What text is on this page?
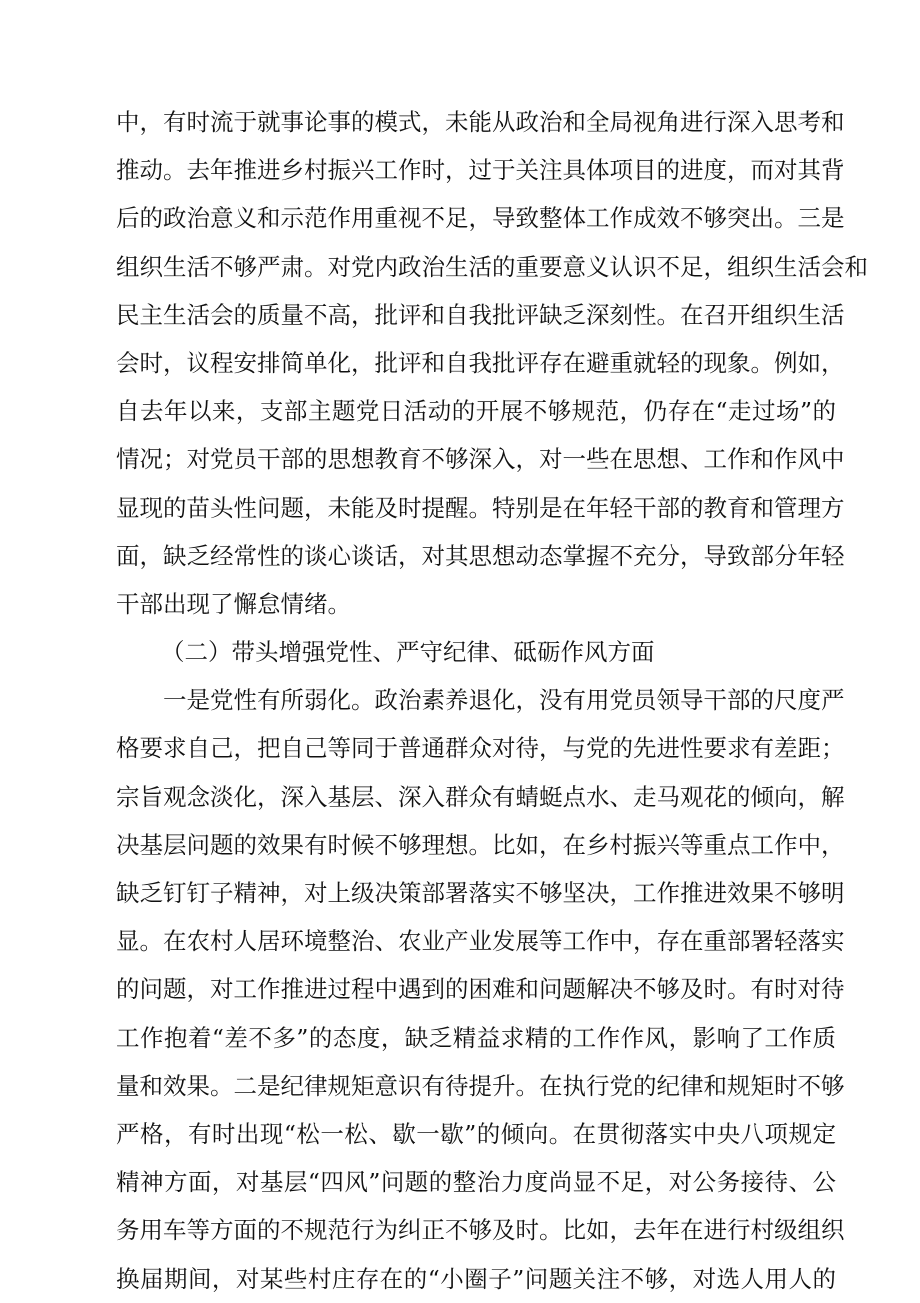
中，有时流于就事论事的模式，未能从政治和全局视角进行深入思考和
推动。去年推进乡村振兴工作时，过于关注具体项目的进度，而对其背
后的政治意义和示范作用重视不足，导致整体工作成效不够突出。三是
组织生活不够严肃。对党内政治生活的重要意义认识不足，组织生活会和
民主生活会的质量不高，批评和自我批评缺乏深刻性。在召开组织生活
会时，议程安排简单化，批评和自我批评存在避重就轻的现象。例如，
自去年以来，支部主题党日活动的开展不够规范，仍存在“走过场”的
情况；对党员干部的思想教育不够深入，对一些在思想、工作和作风中
显现的苗头性问题，未能及时提醒。特别是在年轻干部的教育和管理方
面，缺乏经常性的谈心谈话，对其思想动态掌握不充分，导致部分年轻
干部出现了懈怠情绪。
（二）带头增强党性、严守纪律、砥砺作风方面
一是党性有所弱化。政治素养退化，没有用党员领导干部的尺度严
格要求自己，把自己等同于普通群众对待，与党的先进性要求有差距；
宗旨观念淡化，深入基层、深入群众有蜻蜓点水、走马观花的倾向，解
决基层问题的效果有时候不够理想。比如，在乡村振兴等重点工作中，
缺乏钉钉子精神，对上级决策部署落实不够坚决，工作推进效果不够明
显。在农村人居环境整治、农业产业发展等工作中，存在重部署轻落实
的问题，对工作推进过程中遇到的困难和问题解决不够及时。有时对待
工作抱着“差不多”的态度，缺乏精益求精的工作作风，影响了工作质
量和效果。二是纪律规矩意识有待提升。在执行党的纪律和规矩时不够
严格，有时出现“松一松、歇一歇”的倾向。在贯彻落实中央八项规定
精神方面，对基层“四风”问题的整治力度尚显不足，对公务接待、公
务用车等方面的不规范行为纠正不够及时。比如，去年在进行村级组织
换届期间，对某些村庄存在的“小圈子”问题关注不够，对选人用人的
